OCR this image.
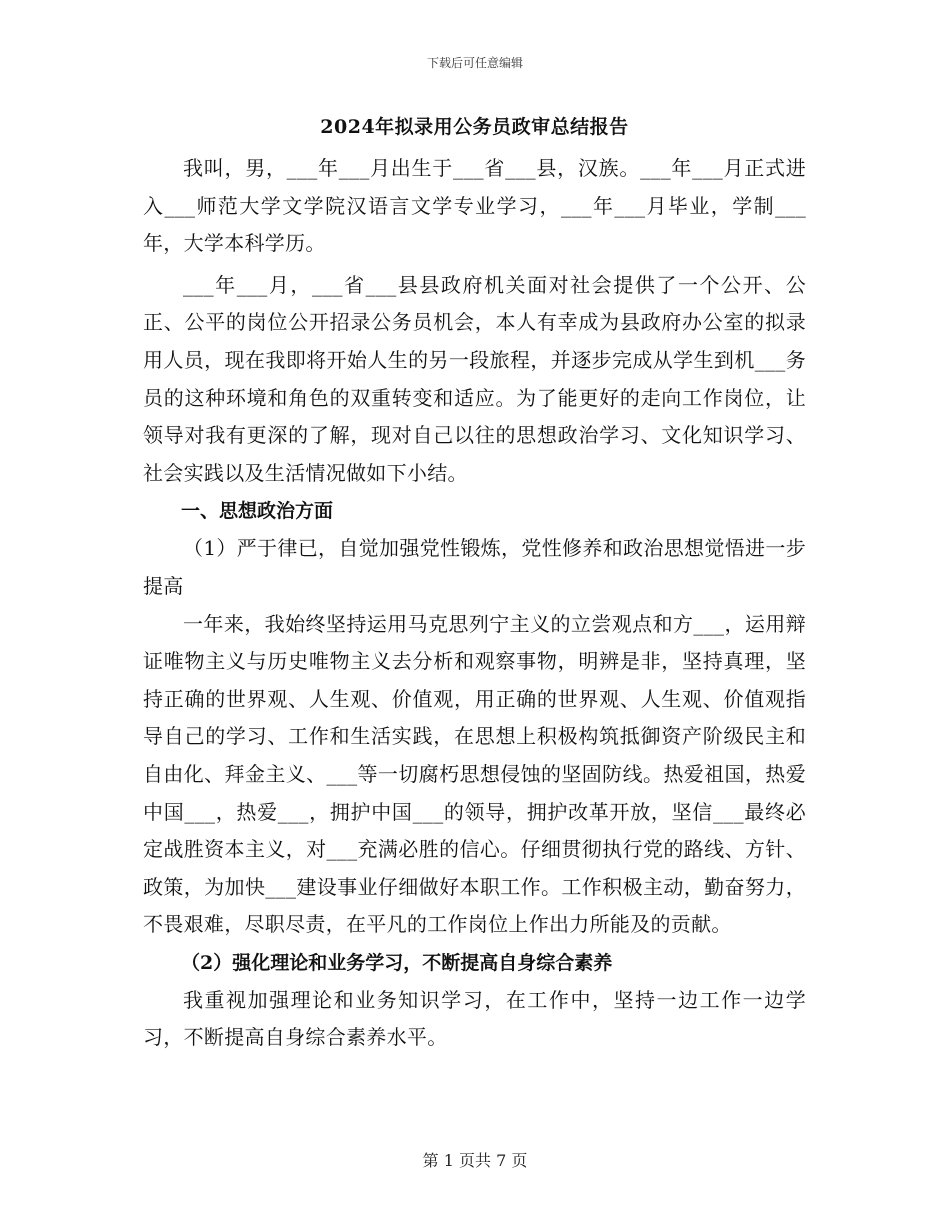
下载后可任意编辑
2024年拟录用公务员政审总结报告

我叫，男，___年___月出生于___省___县，汉族。___年___月正式进入___师范大学文学院汉语言文学专业学习，___年___月毕业，学制___年，大学本科学历。

___年___月，___省___县县政府机关面对社会提供了一个公开、公正、公平的岗位公开招录公务员机会，本人有幸成为县政府办公室的拟录用人员，现在我即将开始人生的另一段旅程，并逐步完成从学生到机___务员的这种环境和角色的双重转变和适应。为了能更好的走向工作岗位，让领导对我有更深的了解，现对自己以往的思想政治学习、文化知识学习、社会实践以及生活情况做如下小结。

一、思想政治方面

（1）严于律已，自觉加强党性锻炼，党性修养和政治思想觉悟进一步提高

一年来，我始终坚持运用马克思列宁主义的立尝观点和方___，运用辩证唯物主义与历史唯物主义去分析和观察事物，明辨是非，坚持真理，坚持正确的世界观、人生观、价值观，用正确的世界观、人生观、价值观指导自己的学习、工作和生活实践，在思想上积极构筑抵御资产阶级民主和自由化、拜金主义、___等一切腐朽思想侵蚀的坚固防线。热爱祖国，热爱中国___，热爱___，拥护中国___的领导，拥护改革开放，坚信___最终必定战胜资本主义，对___充满必胜的信心。仔细贯彻执行党的路线、方针、政策，为加快___建设事业仔细做好本职工作。工作积极主动，勤奋努力，不畏艰难，尽职尽责，在平凡的工作岗位上作出力所能及的贡献。

（2）强化理论和业务学习，不断提高自身综合素养

我重视加强理论和业务知识学习，在工作中，坚持一边工作一边学习，不断提高自身综合素养水平。

第 1 页共 7 页
